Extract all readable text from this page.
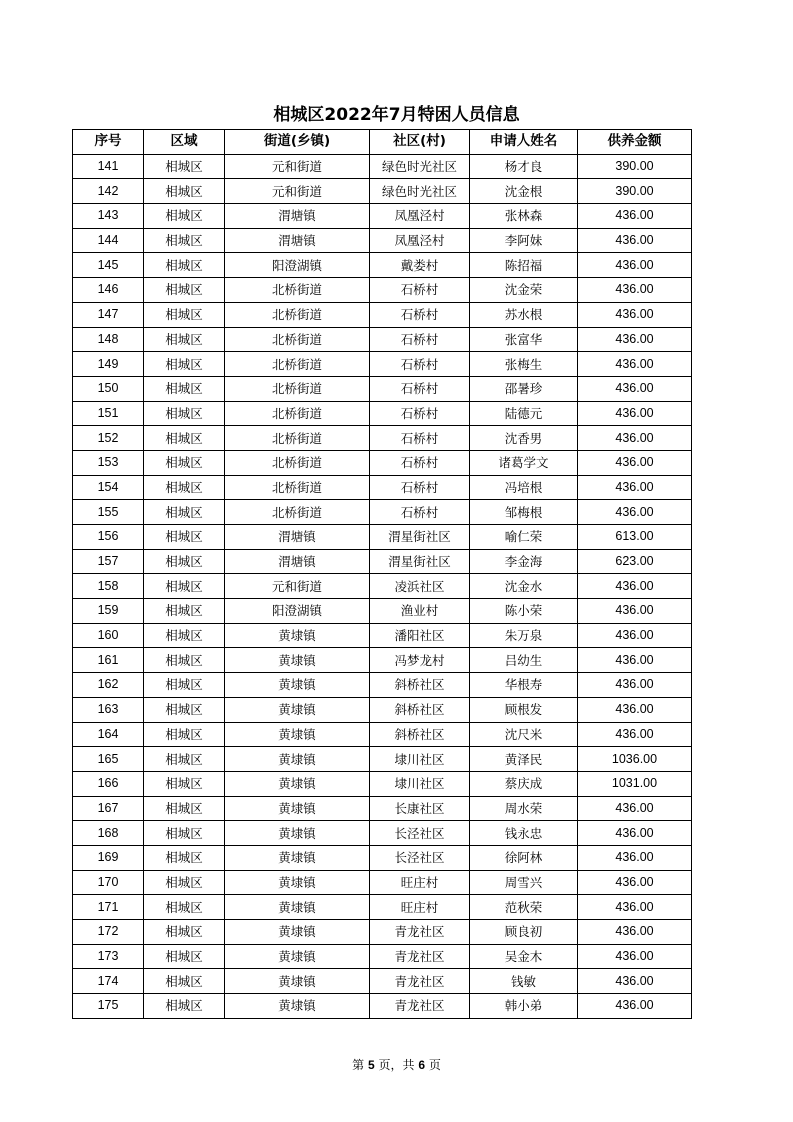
相城区2022年7月特困人员信息
序号	区域	街道(乡镇)	社区(村)	申请人姓名	供养金额
141	相城区	元和街道	绿色时光社区	杨才良	390.00
142	相城区	元和街道	绿色时光社区	沈金根	390.00
143	相城区	渭塘镇	凤凰泾村	张林森	436.00
144	相城区	渭塘镇	凤凰泾村	李阿妹	436.00
145	相城区	阳澄湖镇	戴娄村	陈招福	436.00
146	相城区	北桥街道	石桥村	沈金荣	436.00
147	相城区	北桥街道	石桥村	苏水根	436.00
148	相城区	北桥街道	石桥村	张富华	436.00
149	相城区	北桥街道	石桥村	张梅生	436.00
150	相城区	北桥街道	石桥村	邵暑珍	436.00
151	相城区	北桥街道	石桥村	陆德元	436.00
152	相城区	北桥街道	石桥村	沈香男	436.00
153	相城区	北桥街道	石桥村	诸葛学文	436.00
154	相城区	北桥街道	石桥村	冯培根	436.00
155	相城区	北桥街道	石桥村	邹梅根	436.00
156	相城区	渭塘镇	渭星街社区	喻仁荣	613.00
157	相城区	渭塘镇	渭星街社区	李金海	623.00
158	相城区	元和街道	凌浜社区	沈金水	436.00
159	相城区	阳澄湖镇	渔业村	陈小荣	436.00
160	相城区	黄埭镇	潘阳社区	朱万泉	436.00
161	相城区	黄埭镇	冯梦龙村	吕幼生	436.00
162	相城区	黄埭镇	斜桥社区	华根寿	436.00
163	相城区	黄埭镇	斜桥社区	顾根发	436.00
164	相城区	黄埭镇	斜桥社区	沈尺米	436.00
165	相城区	黄埭镇	埭川社区	黄泽民	1036.00
166	相城区	黄埭镇	埭川社区	蔡庆成	1031.00
167	相城区	黄埭镇	长康社区	周水荣	436.00
168	相城区	黄埭镇	长泾社区	钱永忠	436.00
169	相城区	黄埭镇	长泾社区	徐阿林	436.00
170	相城区	黄埭镇	旺庄村	周雪兴	436.00
171	相城区	黄埭镇	旺庄村	范秋荣	436.00
172	相城区	黄埭镇	青龙社区	顾良初	436.00
173	相城区	黄埭镇	青龙社区	吴金木	436.00
174	相城区	黄埭镇	青龙社区	钱敏	436.00
175	相城区	黄埭镇	青龙社区	韩小弟	436.00
第 5 页，共 6 页
